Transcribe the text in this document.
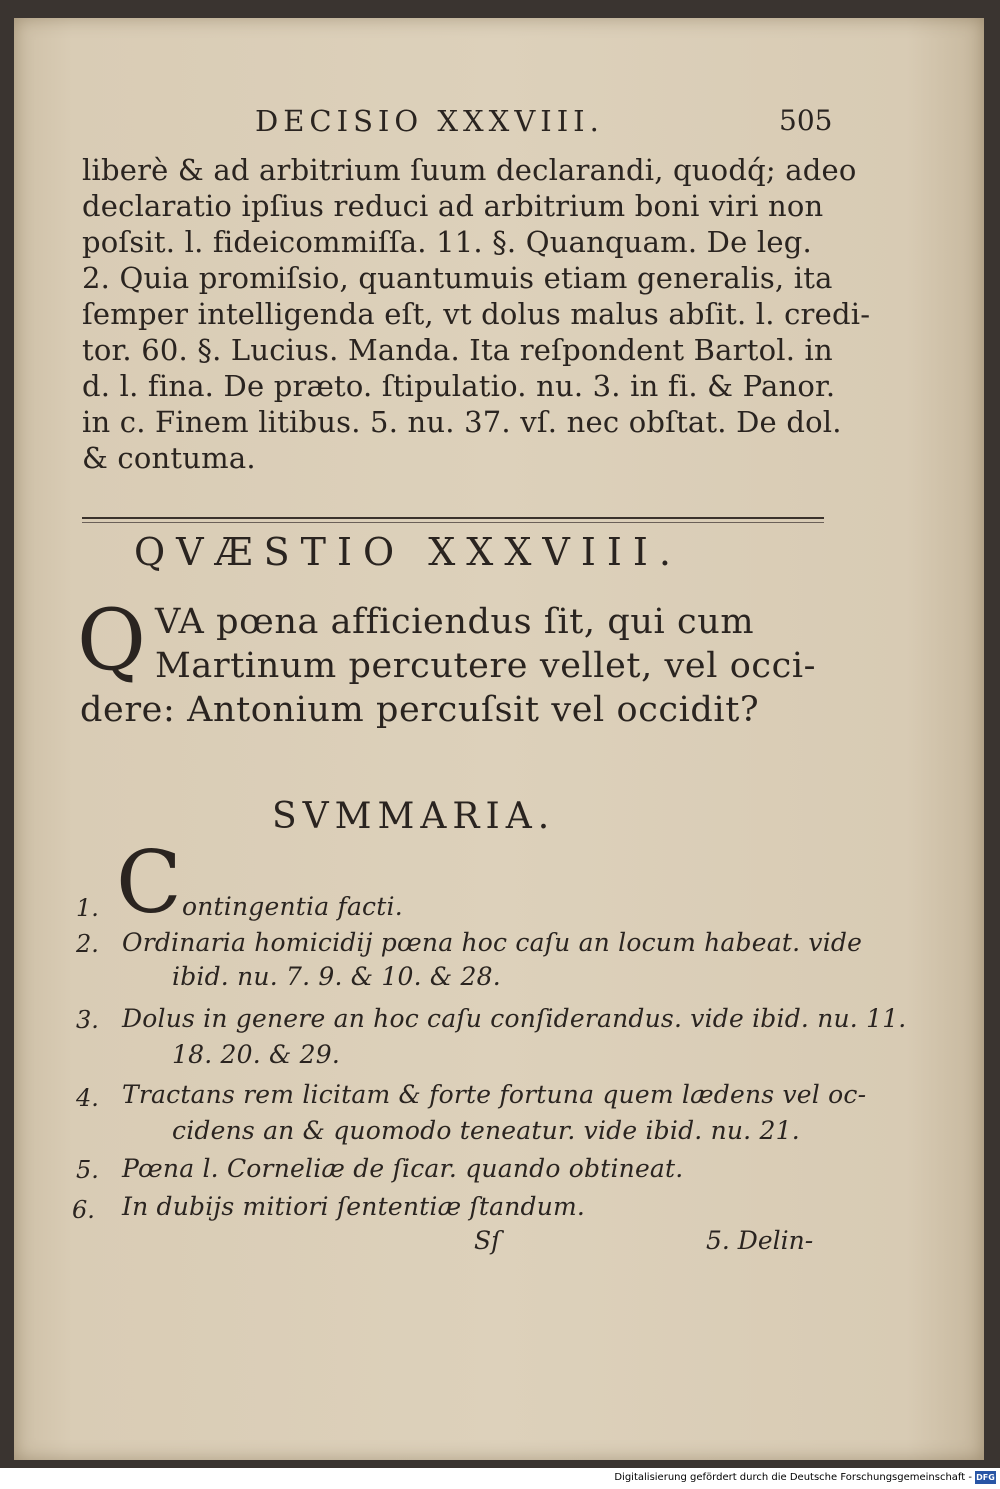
DECISIO XXXVIII.	505
liberè & ad arbitrium ſuum declarandi, quodq́; adeo
declaratio ipſius reduci ad arbitrium boni viri non
poſsit. l. fideicommiſſa. 11. §. Quanquam. De leg.
2. Quia promiſsio, quantumuis etiam generalis, ita
ſemper intelligenda eſt, vt dolus malus abſit. l. credi-
tor. 60. §. Lucius. Manda. Ita reſpondent Bartol. in
d. l. fina. De præto. ſtipulatio. nu. 3. in fi. & Panor.
in c. Finem litibus. 5. nu. 37. vſ. nec obſtat. De dol.
& contuma.
QVÆSTIO XXXVIII.
Q VA pœna afficiendus ſit, qui cum
Martinum percutere vellet, vel occi-
dere: Antonium percuſsit vel occidit?
SVMMARIA.
C
1.	ontingentia facti.
2. Ordinaria homicidij pœna hoc caſu an locum habeat. vide
ibid. nu. 7. 9. & 10. & 28.
3. Dolus in genere an hoc caſu conſiderandus. vide ibid. nu. 11.
18. 20. & 29.
4. Tractans rem licitam & forte fortuna quem lædens vel oc-
cidens an & quomodo teneatur. vide ibid. nu. 21.
5. Pœna l. Corneliæ de ſicar. quando obtineat.
6. In dubijs mitiori ſententiæ ſtandum.
Sſ	5. Delin-
Digitalisierung gefördert durch die Deutsche Forschungsgemeinschaft - DFG
